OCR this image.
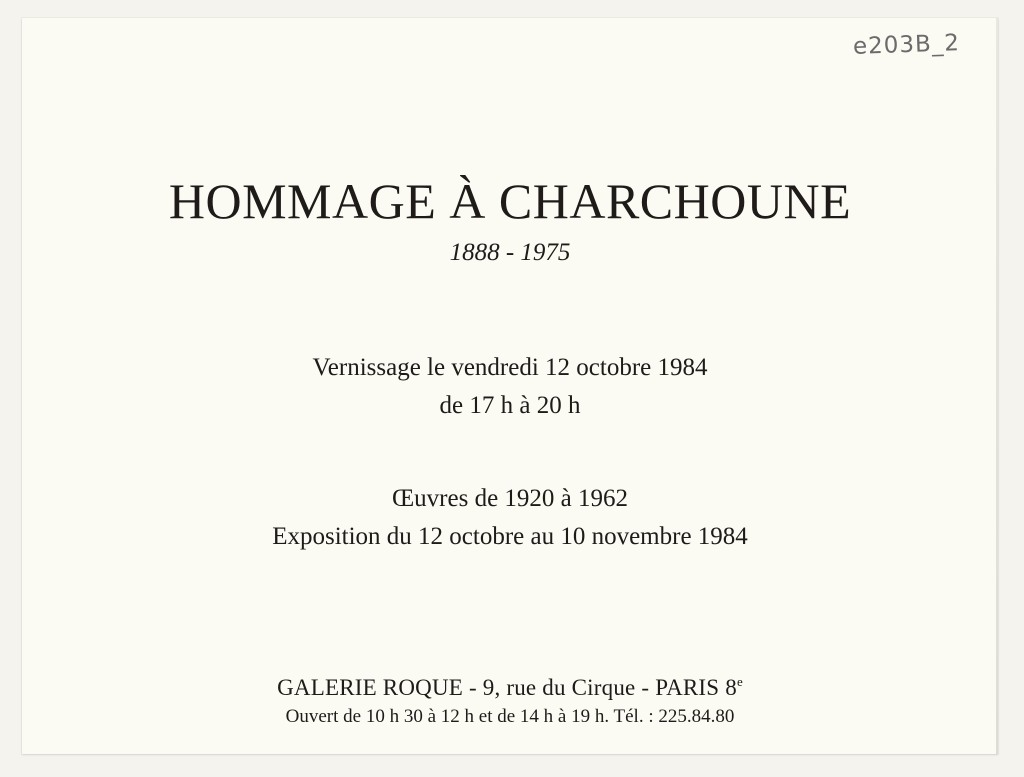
e203B_2
HOMMAGE À CHARCHOUNE
1888 - 1975
Vernissage le vendredi 12 octobre 1984
de 17 h à 20 h
Œuvres de 1920 à 1962
Exposition du 12 octobre au 10 novembre 1984
GALERIE ROQUE - 9, rue du Cirque - PARIS 8e
Ouvert de 10 h 30 à 12 h et de 14 h à 19 h. Tél. : 225.84.80
